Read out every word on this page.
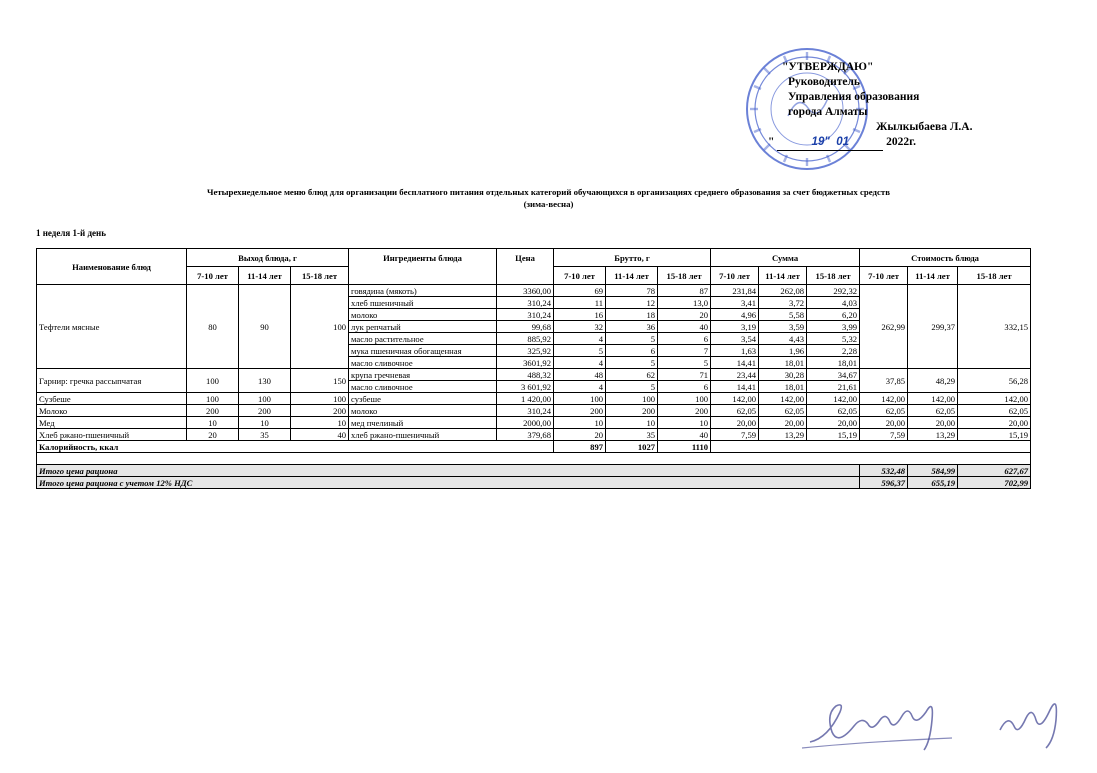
"УТВЕРЖДАЮ"
Руководитель
Управления образования
города Алматы
Жылкыбаева Л.А.
"	19" 01	2022г.
Четырехнедельное меню блюд для организации бесплатного питания отдельных категорий обучающихся в организациях среднего образования за счет бюджетных средств
(зима-весна)
1 неделя 1-й день
Наименование блюд	Выход блюда, г			Ингредиенты блюда	Цена	Брутто, г			Сумма			Стоимость блюда		
	7-10 лет	11-14 лет	15-18 лет			7-10 лет	11-14 лет	15-18 лет	7-10 лет	11-14 лет	15-18 лет	7-10 лет	11-14 лет	15-18 лет
Тефтели мясные	80	90	100	говядина (мякоть)	3360,00	69	78	87	231,84	262,08	292,32	262,99	299,37	332,15
				хлеб пшеничный	310,24	11	12	13,0	3,41	3,72	4,03			
				молоко	310,24	16	18	20	4,96	5,58	6,20			
				лук репчатый	99,68	32	36	40	3,19	3,59	3,99			
				масло растительное	885,92	4	5	6	3,54	4,43	5,32			
				мука пшеничная обогащенная	325,92	5	6	7	1,63	1,96	2,28			
				масло сливочное	3601,92	4	5	5	14,41	18,01	18,01			
Гарнир: гречка рассыпчатая	100	130	150	крупа гречневая	488,32	48	62	71	23,44	30,28	34,67	37,85	48,29	56,28
				масло сливочное	3 601,92	4	5	6	14,41	18,01	21,61			
Сузбеше	100	100	100	сузбеше	1 420,00	100	100	100	142,00	142,00	142,00	142,00	142,00	142,00
Молоко	200	200	200	молоко	310,24	200	200	200	62,05	62,05	62,05	62,05	62,05	62,05
Мед	10	10	10	мед пчелиный	2000,00	10	10	10	20,00	20,00	20,00	20,00	20,00	20,00
Хлеб ржано-пшеничный	20	35	40	хлеб ржано-пшеничный	379,68	20	35	40	7,59	13,29	15,19	7,59	13,29	15,19
Калорийность, ккал						897	1027	1110						

Итого цена рациона												532,48	584,99	627,67
Итого цена рациона с учетом 12% НДС												596,37	655,19	702,99
